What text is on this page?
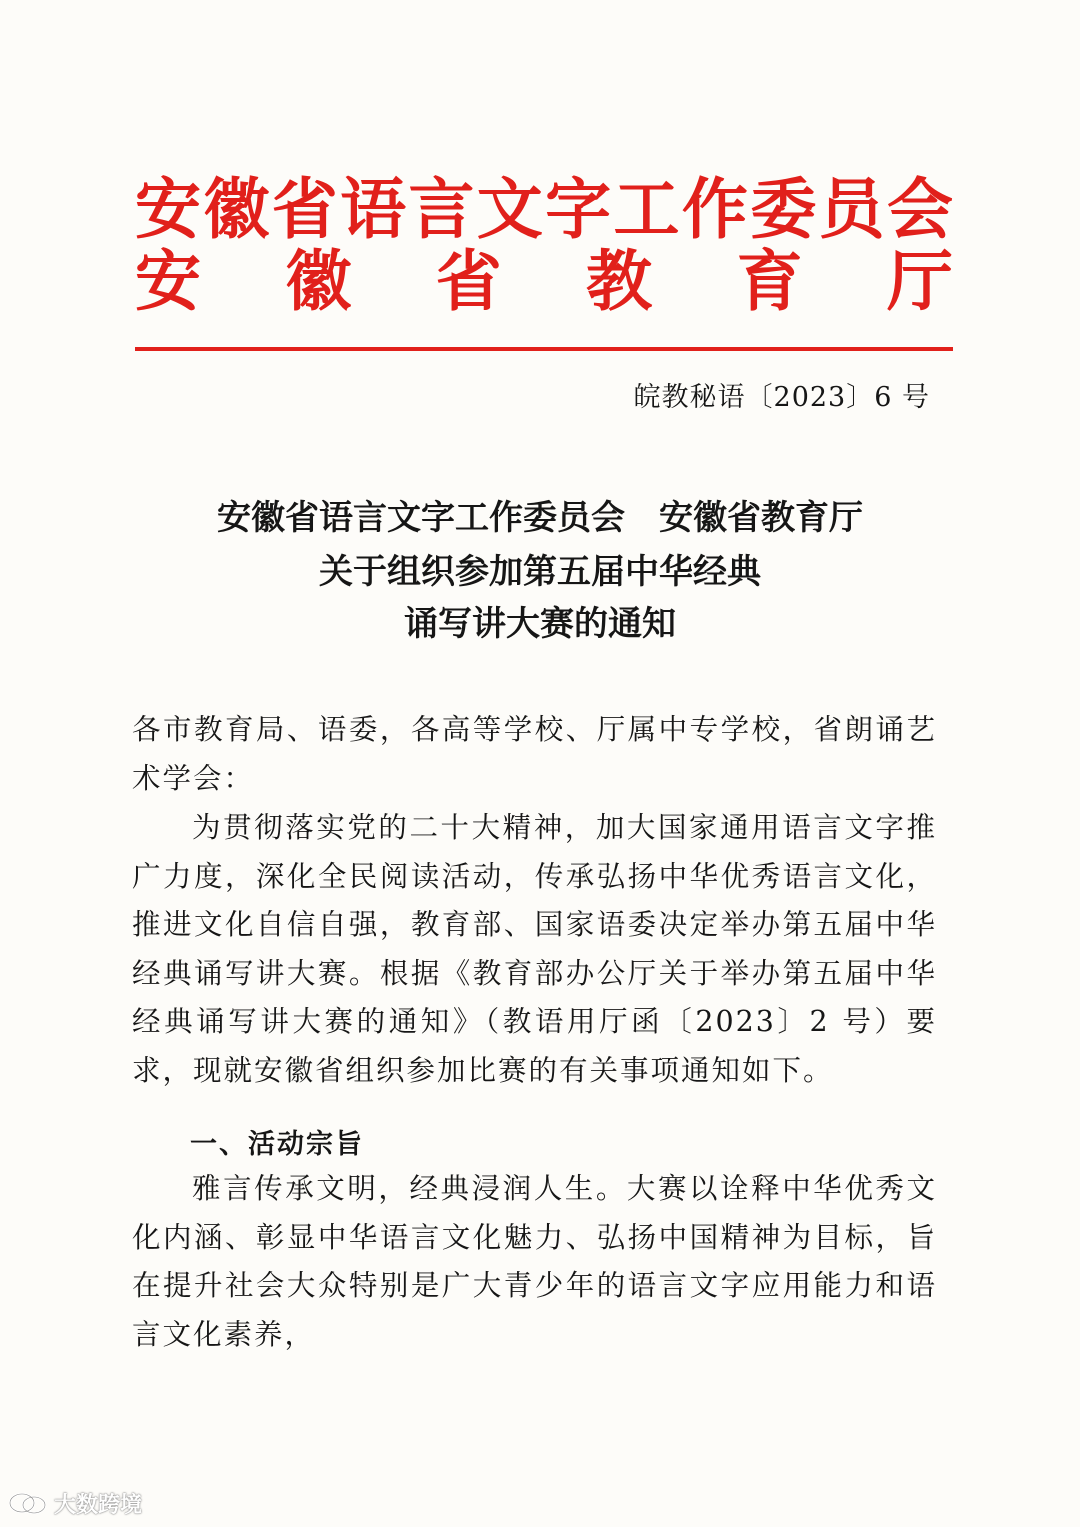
安 徽 省 语 言 文 字 工 作 委 员 会
安 徽 省 教 育 厅
皖教秘语〔2023〕6 号
安徽省语言文字工作委员会　安徽省教育厅
关于组织参加第五届中华经典
诵写讲大赛的通知
各市教育局、语委，各高等学校、厅属中专学校，省朗诵艺术学会：
为贯彻落实党的二十大精神，加大国家通用语言文字推广力度，深化全民阅读活动，传承弘扬中华优秀语言文化，推进文化自信自强，教育部、国家语委决定举办第五届中华经典诵写讲大赛。根据《教育部办公厅关于举办第五届中华经典诵写讲大赛的通知》（教语用厅函〔2023〕2 号）要求，现就安徽省组织参加比赛的有关事项通知如下。
一、活动宗旨
雅言传承文明，经典浸润人生。大赛以诠释中华优秀文化内涵、彰显中华语言文化魅力、弘扬中国精神为目标，旨在提升社会大众特别是广大青少年的语言文字应用能力和语言文化素养，
大数跨境
